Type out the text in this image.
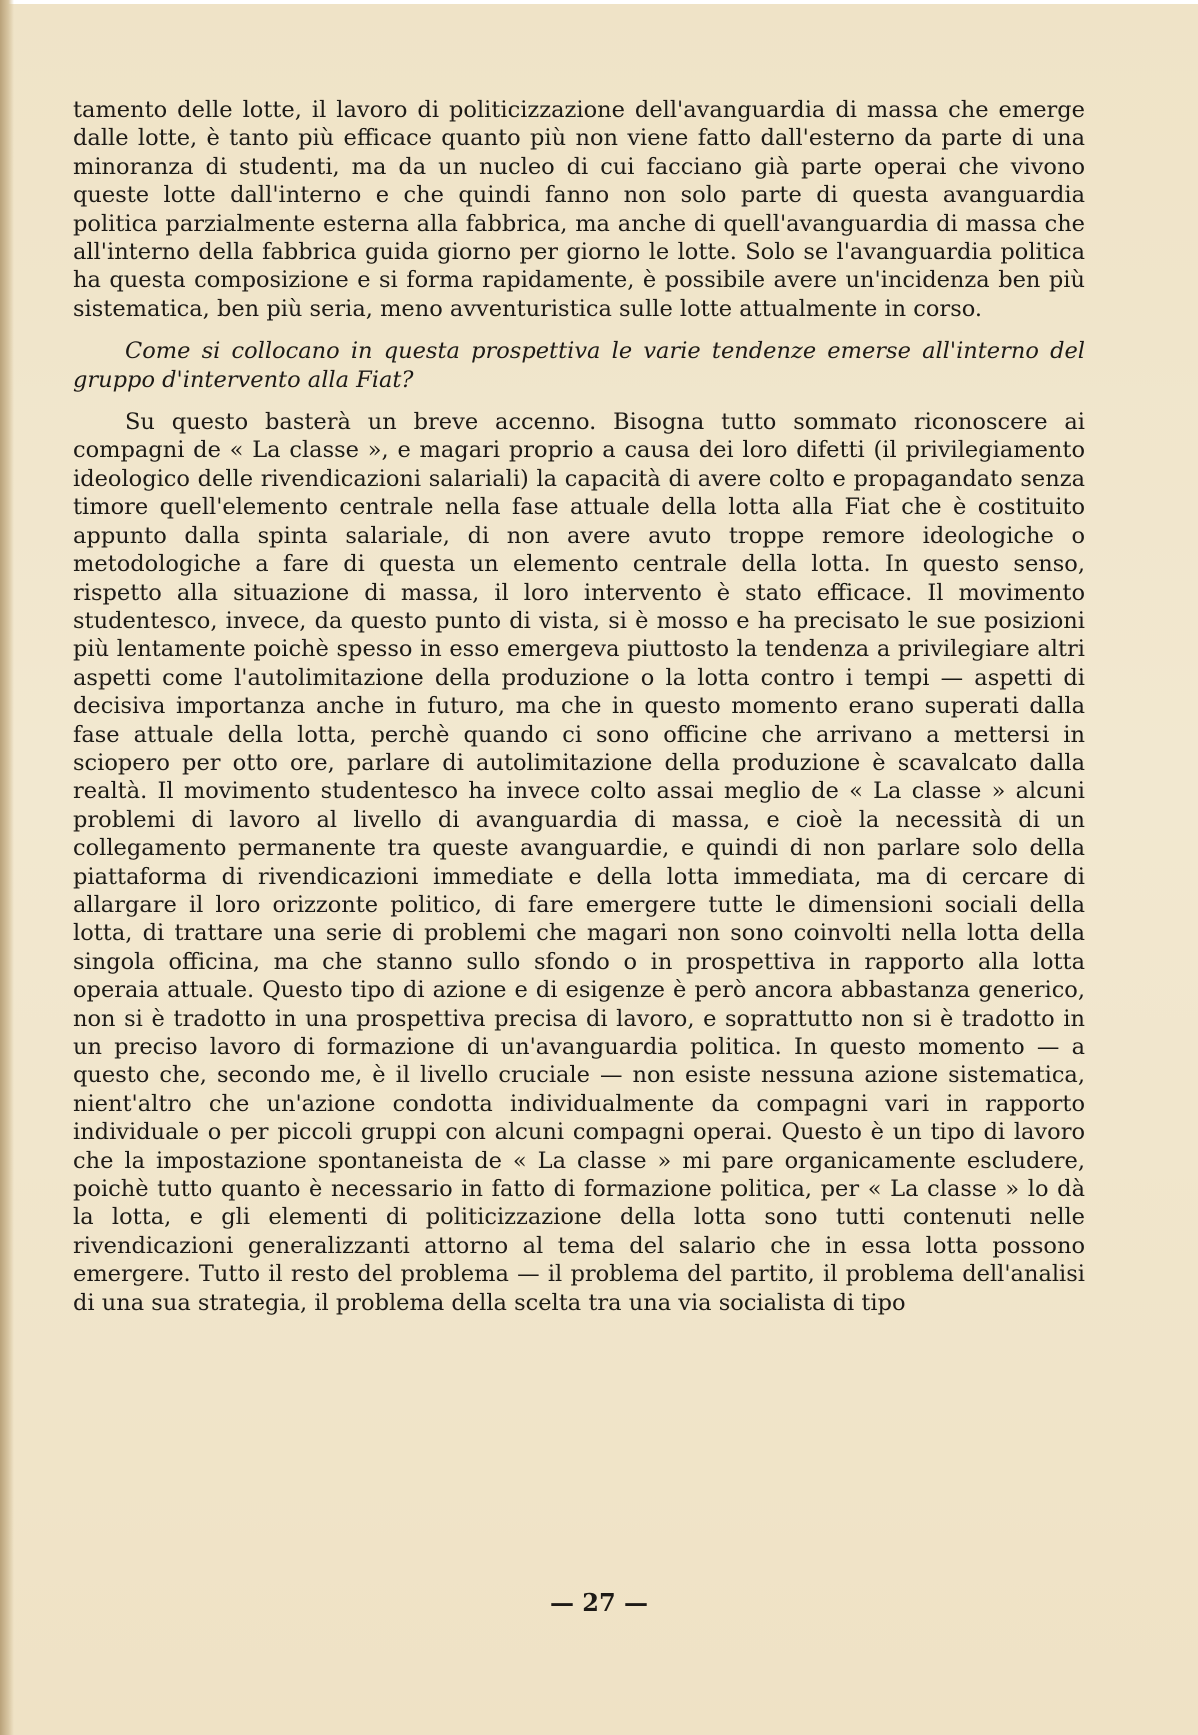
tamento delle lotte, il lavoro di politicizzazione dell'avanguardia di massa che emerge dalle lotte, è tanto più efficace quanto più non viene fatto dall'esterno da parte di una minoranza di studenti, ma da un nucleo di cui facciano già parte operai che vivono queste lotte dall'interno e che quindi fanno non solo parte di questa avanguardia politica parzialmente esterna alla fabbrica, ma anche di quell'avanguardia di massa che all'interno della fabbrica guida giorno per giorno le lotte. Solo se l'avanguardia politica ha questa composizione e si forma rapidamente, è possibile avere un'incidenza ben più sistematica, ben più seria, meno avventuristica sulle lotte attualmente in corso.

Come si collocano in questa prospettiva le varie tendenze emerse all'interno del gruppo d'intervento alla Fiat?

Su questo basterà un breve accenno. Bisogna tutto sommato riconoscere ai compagni de « La classe », e magari proprio a causa dei loro difetti (il privilegiamento ideologico delle rivendicazioni salariali) la capacità di avere colto e propagandato senza timore quell'elemento centrale nella fase attuale della lotta alla Fiat che è costituito appunto dalla spinta salariale, di non avere avuto troppe remore ideologiche o metodologiche a fare di questa un elemento centrale della lotta. In questo senso, rispetto alla situazione di massa, il loro intervento è stato efficace. Il movimento studentesco, invece, da questo punto di vista, si è mosso e ha precisato le sue posizioni più lentamente poichè spesso in esso emergeva piuttosto la tendenza a privilegiare altri aspetti come l'autolimitazione della produzione o la lotta contro i tempi — aspetti di decisiva importanza anche in futuro, ma che in questo momento erano superati dalla fase attuale della lotta, perchè quando ci sono officine che arrivano a mettersi in sciopero per otto ore, parlare di autolimitazione della produzione è scavalcato dalla realtà. Il movimento studentesco ha invece colto assai meglio de « La classe » alcuni problemi di lavoro al livello di avanguardia di massa, e cioè la necessità di un collegamento permanente tra queste avanguardie, e quindi di non parlare solo della piattaforma di rivendicazioni immediate e della lotta immediata, ma di cercare di allargare il loro orizzonte politico, di fare emergere tutte le dimensioni sociali della lotta, di trattare una serie di problemi che magari non sono coinvolti nella lotta della singola officina, ma che stanno sullo sfondo o in prospettiva in rapporto alla lotta operaia attuale. Questo tipo di azione e di esigenze è però ancora abbastanza generico, non si è tradotto in una prospettiva precisa di lavoro, e soprattutto non si è tradotto in un preciso lavoro di formazione di un'avanguardia politica. In questo momento — a questo che, secondo me, è il livello cruciale — non esiste nessuna azione sistematica, nient'altro che un'azione condotta individualmente da compagni vari in rapporto individuale o per piccoli gruppi con alcuni compagni operai. Questo è un tipo di lavoro che la impostazione spontaneista de « La classe » mi pare organicamente escludere, poichè tutto quanto è necessario in fatto di formazione politica, per « La classe » lo dà la lotta, e gli elementi di politicizzazione della lotta sono tutti contenuti nelle rivendicazioni generalizzanti attorno al tema del salario che in essa lotta possono emergere. Tutto il resto del problema — il problema del partito, il problema dell'analisi di una sua strategia, il problema della scelta tra una via socialista di tipo

— 27 —
